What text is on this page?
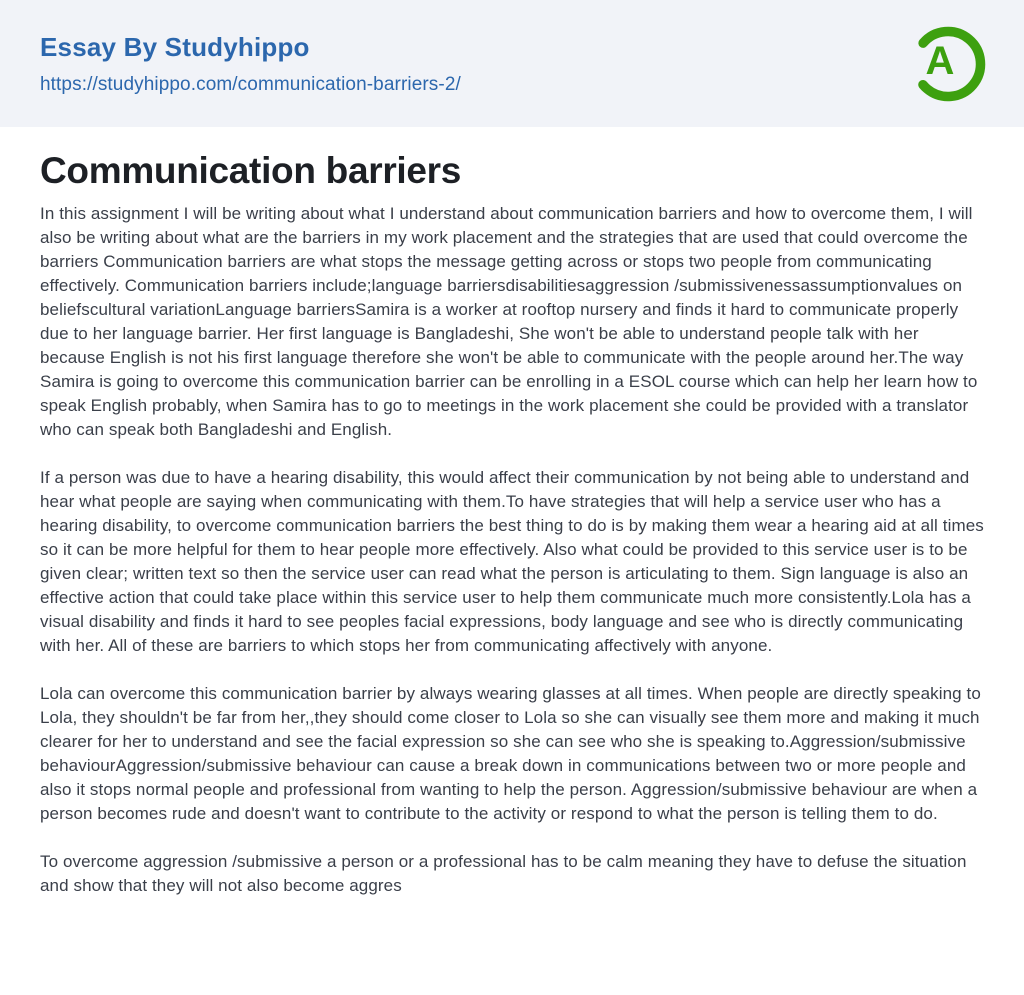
Essay By Studyhippo
https://studyhippo.com/communication-barriers-2/
A
Communication barriers

In this assignment I will be writing about what I understand about communication barriers and how to overcome them, I will also be writing about what are the barriers in my work placement and the strategies that are used that could overcome the barriers Communication barriers are what stops the message getting across or stops two people from communicating effectively. Communication barriers include;language barriersdisabilitiesaggression /submissivenessassumptionvalues on beliefscultural variationLanguage barriersSamira is a worker at rooftop nursery and finds it hard to communicate properly due to her language barrier. Her first language is Bangladeshi, She won't be able to understand people talk with her because English is not his first language therefore she won't be able to communicate with the people around her.The way Samira is going to overcome this communication barrier can be enrolling in a ESOL course which can help her learn how to speak English probably, when Samira has to go to meetings in the work placement she could be provided with a translator who can speak both Bangladeshi and English.

If a person was due to have a hearing disability, this would affect their communication by not being able to understand and hear what people are saying when communicating with them.To have strategies that will help a service user who has a hearing disability, to overcome communication barriers the best thing to do is by making them wear a hearing aid at all times so it can be more helpful for them to hear people more effectively. Also what could be provided to this service user is to be given clear; written text so then the service user can read what the person is articulating to them. Sign language is also an effective action that could take place within this service user to help them communicate much more consistently.Lola has a visual disability and finds it hard to see peoples facial expressions, body language and see who is directly communicating with her. All of these are barriers to which stops her from communicating affectively with anyone.

Lola can overcome this communication barrier by always wearing glasses at all times. When people are directly speaking to Lola, they shouldn't be far from her,,they should come closer to Lola so she can visually see them more and making it much clearer for her to understand and see the facial expression so she can see who she is speaking to.Aggression/submissive behaviourAggression/submissive behaviour can cause a break down in communications between two or more people and also it stops normal people and professional from wanting to help the person. Aggression/submissive behaviour are when a person becomes rude and doesn't want to contribute to the activity or respond to what the person is telling them to do.

To overcome aggression /submissive a person or a professional has to be calm meaning they have to defuse the situation and show that they will not also become aggres
